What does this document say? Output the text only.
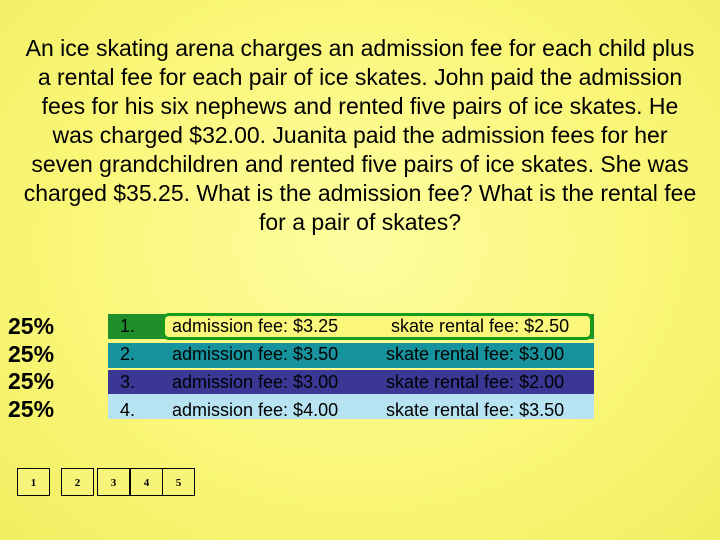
An ice skating arena charges an admission fee for each child plus a rental fee for each pair of ice skates. John paid the admission fees for his six nephews and rented five pairs of ice skates. He was charged $32.00. Juanita paid the admission fees for her seven grandchildren and rented five pairs of ice skates. She was charged $35.25. What is the admission fee? What is the rental fee for a pair of skates?
25%
25%
25%
25%
1. admission fee: $3.25	skate rental fee: $2.50
2. admission fee: $3.50	skate rental fee: $3.00
3. admission fee: $3.00	skate rental fee: $2.00
4. admission fee: $4.00	skate rental fee: $3.50
1	2	3	4	5
